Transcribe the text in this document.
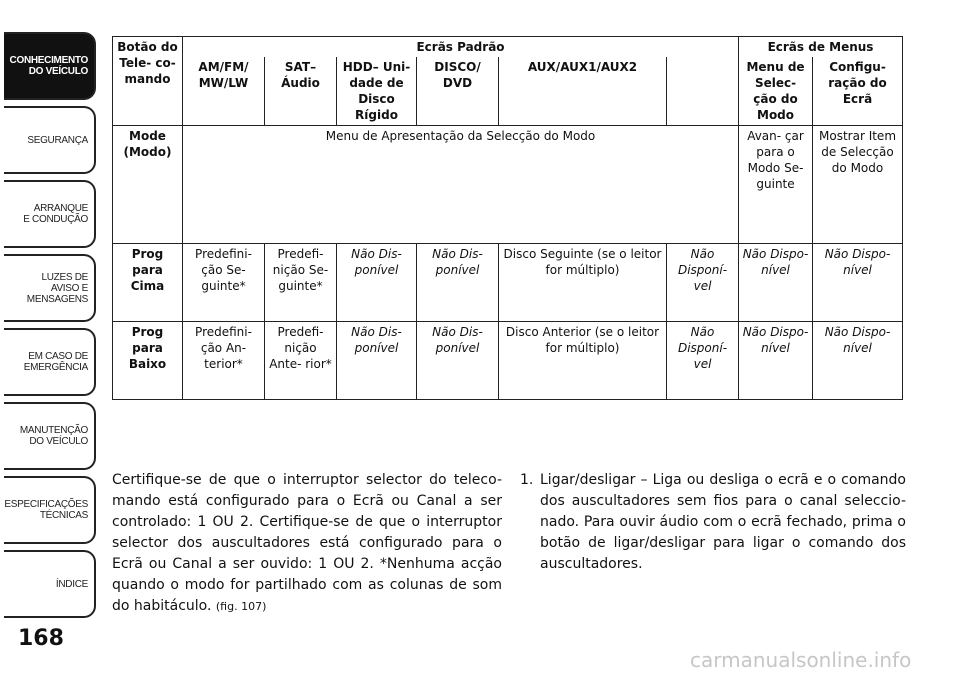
CONHECIMENTO
DO VEÍCULO
SEGURANÇA
ARRANQUE
E CONDUÇÃO
LUZES DE
AVISO E
MENSAGENS
EM CASO DE
EMERGÊNCIA
MANUTENÇÃO
DO VEÍCULO
ESPECIFICAÇÕES
TÉCNICAS
ÍNDICE
168
Botão do Tele- co- mando	Ecrãs Padrão						Ecrãs de Menus	
	AM/FM/ MW/LW	SAT– Áudio	HDD– Uni- dade de Disco Rígido	DISCO/ DVD	AUX/AUX1/AUX2		Menu de Selec- ção do Modo	Configu- ração do Ecrã
Mode (Modo)	Menu de Apresentação da Selecção do Modo						Avan- çar para o Modo Se- guinte	Mostrar Item de Selecção do Modo
Prog para Cima	Predefini- ção Se- guinte*	Predefi- nição Se- guinte*	Não Dis- ponível	Não Dis- ponível	Disco Seguinte (se o leitor for múltiplo)	Não Disponí- vel	Não Dispo- nível	Não Dispo- nível
Prog para Baixo	Predefini- ção An- terior*	Predefi- nição Ante- rior*	Não Dis- ponível	Não Dis- ponível	Disco Anterior (se o leitor for múltiplo)	Não Disponí- vel	Não Dispo- nível	Não Dispo- nível
Certifique-se de que o interruptor selector do teleco- mando está configurado para o Ecrã ou Canal a ser controlado: 1 OU 2. Certifique-se de que o interruptor selector dos auscultadores está configurado para o Ecrã ou Canal a ser ouvido: 1 OU 2. *Nenhuma acção quando o modo for partilhado com as colunas de som do habitáculo. (fig. 107)
1. Ligar/desligar – Liga ou desliga o ecrã e o comando dos auscultadores sem fios para o canal seleccio- nado. Para ouvir áudio com o ecrã fechado, prima o botão de ligar/desligar para ligar o comando dos auscultadores.
carmanualsonline.info
